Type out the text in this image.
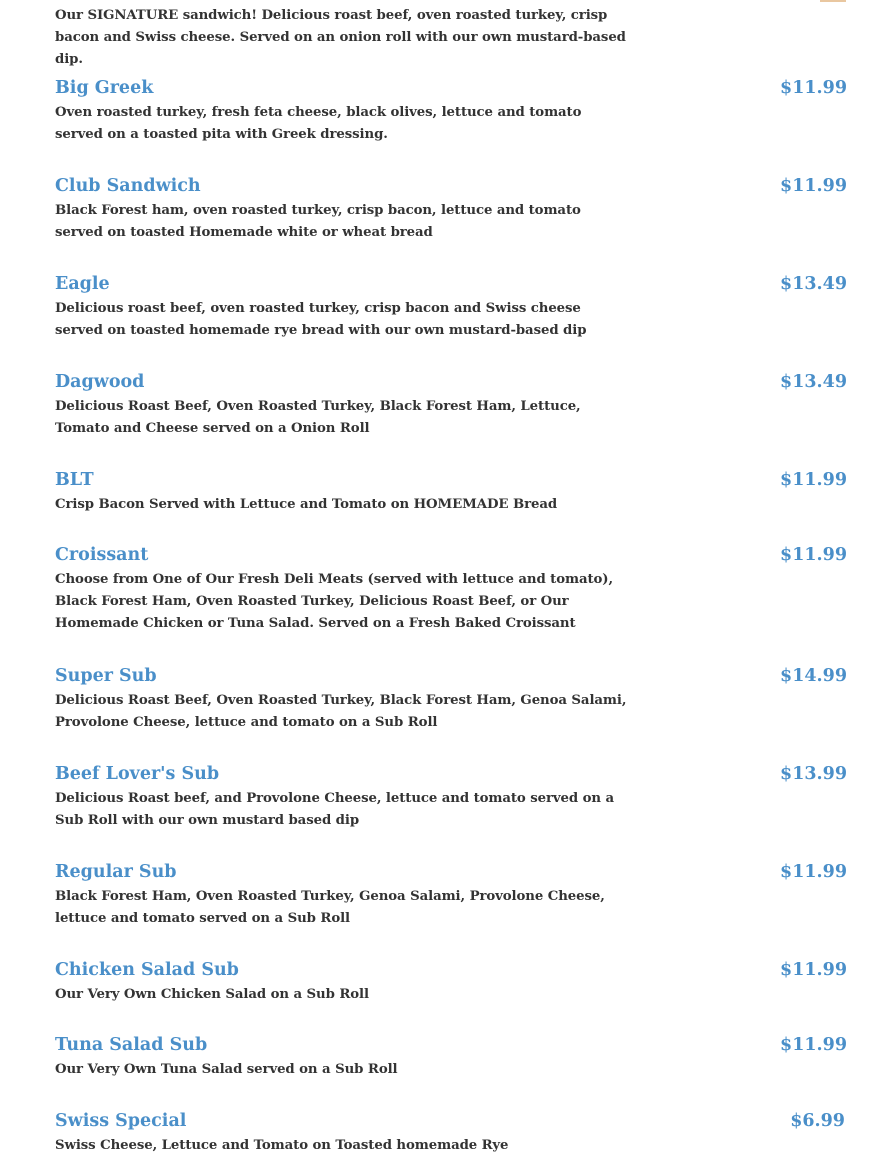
Our SIGNATURE sandwich! Delicious roast beef, oven roasted turkey, crisp bacon and Swiss cheese. Served on an onion roll with our own mustard-based dip.
Big Greek	$11.99
Oven roasted turkey, fresh feta cheese, black olives, lettuce and tomato served on a toasted pita with Greek dressing.
Club Sandwich	$11.99
Black Forest ham, oven roasted turkey, crisp bacon, lettuce and tomato served on toasted Homemade white or wheat bread
Eagle	$13.49
Delicious roast beef, oven roasted turkey, crisp bacon and Swiss cheese served on toasted homemade rye bread with our own mustard-based dip
Dagwood	$13.49
Delicious Roast Beef, Oven Roasted Turkey, Black Forest Ham, Lettuce, Tomato and Cheese served on a Onion Roll
BLT	$11.99
Crisp Bacon Served with Lettuce and Tomato on HOMEMADE Bread
Croissant	$11.99
Choose from One of Our Fresh Deli Meats (served with lettuce and tomato), Black Forest Ham, Oven Roasted Turkey, Delicious Roast Beef, or Our Homemade Chicken or Tuna Salad. Served on a Fresh Baked Croissant
Super Sub	$14.99
Delicious Roast Beef, Oven Roasted Turkey, Black Forest Ham, Genoa Salami, Provolone Cheese, lettuce and tomato on a Sub Roll
Beef Lover's Sub	$13.99
Delicious Roast beef, and Provolone Cheese, lettuce and tomato served on a Sub Roll with our own mustard based dip
Regular Sub	$11.99
Black Forest Ham, Oven Roasted Turkey, Genoa Salami, Provolone Cheese, lettuce and tomato served on a Sub Roll
Chicken Salad Sub	$11.99
Our Very Own Chicken Salad on a Sub Roll
Tuna Salad Sub	$11.99
Our Very Own Tuna Salad served on a Sub Roll
Swiss Special	$6.99
Swiss Cheese, Lettuce and Tomato on Toasted homemade Rye
